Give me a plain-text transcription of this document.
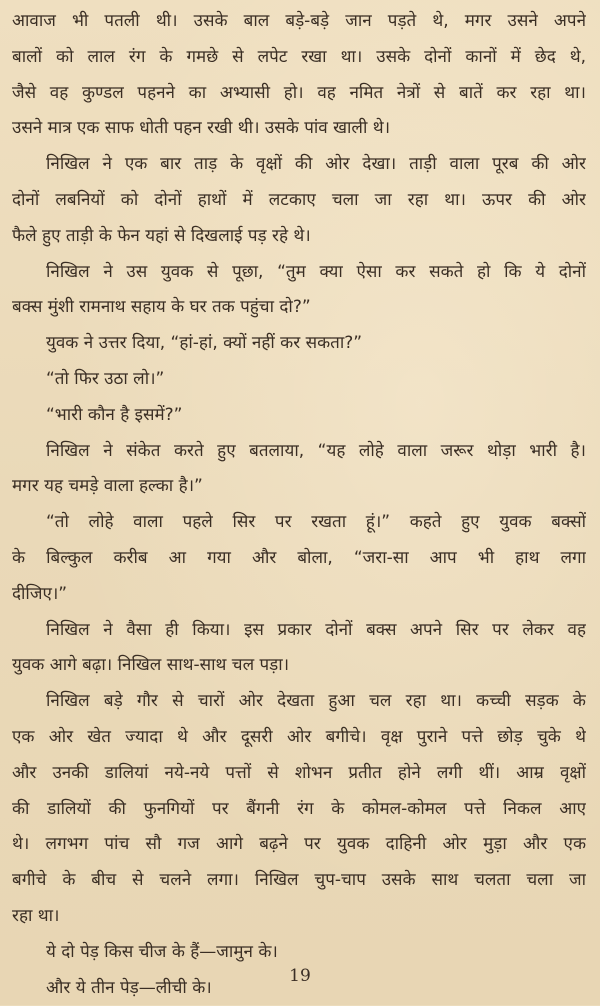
आवाज भी पतली थी। उसके बाल बड़े-बड़े जान पड़ते थे, मगर उसने अपने
बालों को लाल रंग के गमछे से लपेट रखा था। उसके दोनों कानों में छेद थे,
जैसे वह कुण्डल पहनने का अभ्यासी हो। वह नमित नेत्रों से बातें कर रहा था।
उसने मात्र एक साफ धोती पहन रखी थी। उसके पांव खाली थे।
निखिल ने एक बार ताड़ के वृक्षों की ओर देखा। ताड़ी वाला पूरब की ओर
दोनों लबनियों को दोनों हाथों में लटकाए चला जा रहा था। ऊपर की ओर
फैले हुए ताड़ी के फेन यहां से दिखलाई पड़ रहे थे।
निखिल ने उस युवक से पूछा, “तुम क्या ऐसा कर सकते हो कि ये दोनों
बक्स मुंशी रामनाथ सहाय के घर तक पहुंचा दो?”
युवक ने उत्तर दिया, “हां-हां, क्यों नहीं कर सकता?”
“तो फिर उठा लो।”
“भारी कौन है इसमें?”
निखिल ने संकेत करते हुए बतलाया, “यह लोहे वाला जरूर थोड़ा भारी है।
मगर यह चमड़े वाला हल्का है।”
“तो लोहे वाला पहले सिर पर रखता हूं।” कहते हुए युवक बक्सों
के बिल्कुल करीब आ गया और बोला, “जरा-सा आप भी हाथ लगा
दीजिए।”
निखिल ने वैसा ही किया। इस प्रकार दोनों बक्स अपने सिर पर लेकर वह
युवक आगे बढ़ा। निखिल साथ-साथ चल पड़ा।
निखिल बड़े गौर से चारों ओर देखता हुआ चल रहा था। कच्ची सड़क के
एक ओर खेत ज्यादा थे और दूसरी ओर बगीचे। वृक्ष पुराने पत्ते छोड़ चुके थे
और उनकी डालियां नये-नये पत्तों से शोभन प्रतीत होने लगी थीं। आम्र वृक्षों
की डालियों की फुनगियों पर बैंगनी रंग के कोमल-कोमल पत्ते निकल आए
थे। लगभग पांच सौ गज आगे बढ़ने पर युवक दाहिनी ओर मुड़ा और एक
बगीचे के बीच से चलने लगा। निखिल चुप-चाप उसके साथ चलता चला जा
रहा था।
ये दो पेड़ किस चीज के हैं—जामुन के।
और ये तीन पेड़—लीची के।
19
